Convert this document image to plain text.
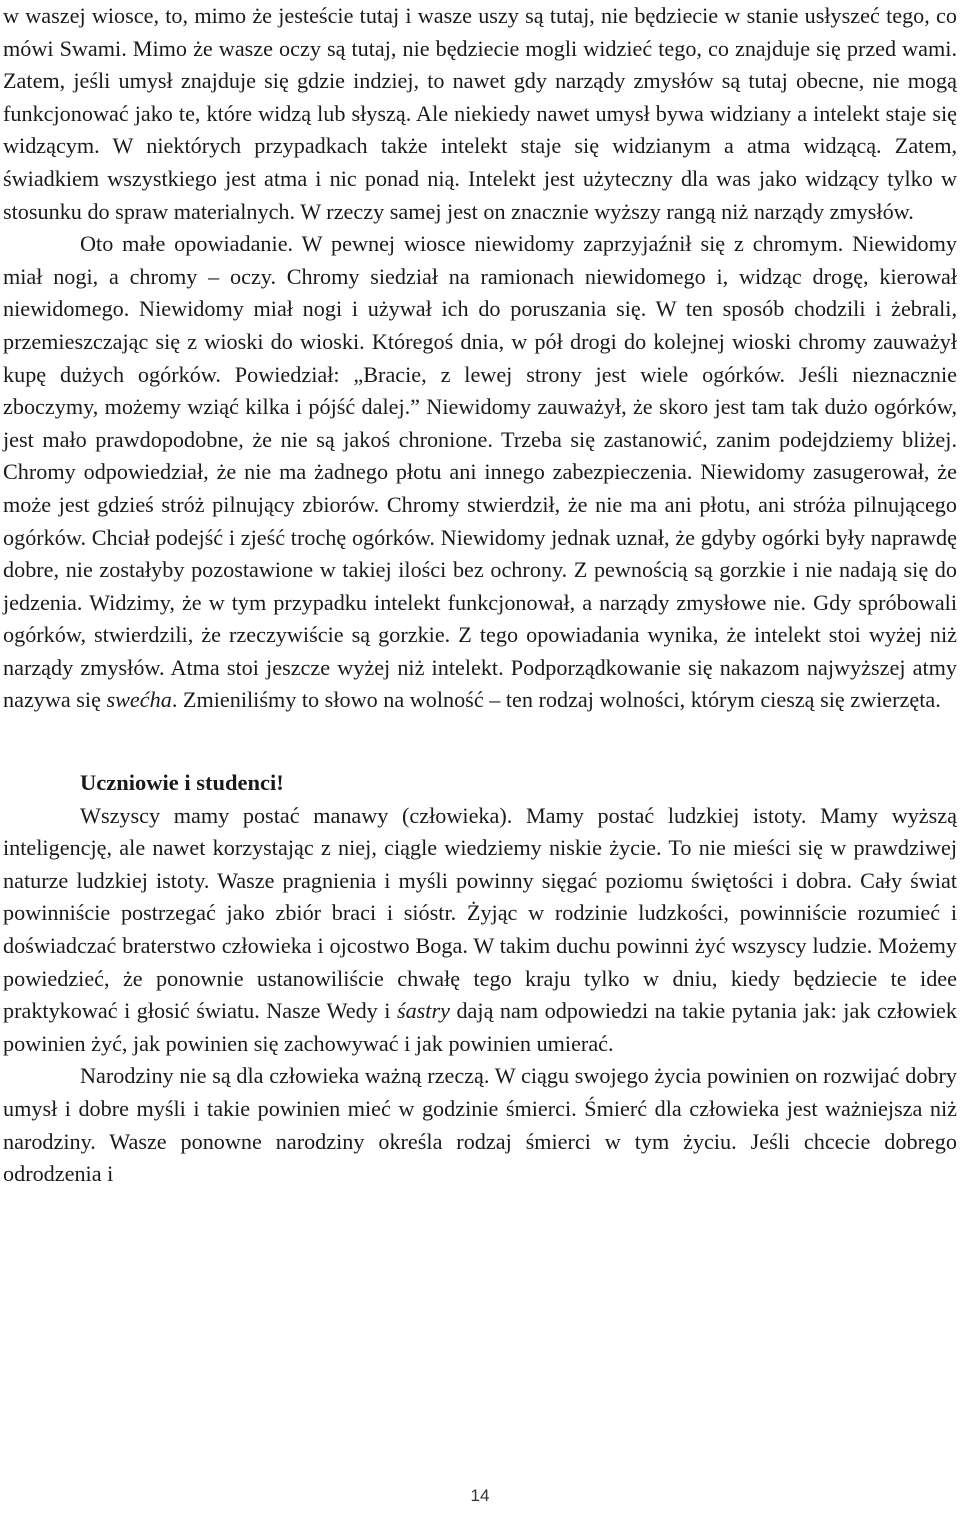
w waszej wiosce, to, mimo że jesteście tutaj i wasze uszy są tutaj, nie będziecie w stanie usłyszeć tego, co mówi Swami. Mimo że wasze oczy są tutaj, nie będziecie mogli widzieć tego, co znajduje się przed wami. Zatem, jeśli umysł znajduje się gdzie indziej, to nawet gdy narządy zmysłów są tutaj obecne, nie mogą funkcjonować jako te, które widzą lub słyszą. Ale niekiedy nawet umysł bywa widziany a intelekt staje się widzącym. W niektórych przypadkach także intelekt staje się widzianym a atma widzącą. Zatem, świadkiem wszystkiego jest atma i nic ponad nią. Intelekt jest użyteczny dla was jako widzący tylko w stosunku do spraw materialnych. W rzeczy samej jest on znacznie wyższy rangą niż narządy zmysłów.

Oto małe opowiadanie. W pewnej wiosce niewidomy zaprzyjaźnił się z chromym. Niewidomy miał nogi, a chromy – oczy. Chromy siedział na ramionach niewidomego i, widząc drogę, kierował niewidomego. Niewidomy miał nogi i używał ich do poruszania się. W ten sposób chodzili i żebrali, przemieszczając się z wioski do wioski. Któregoś dnia, w pół drogi do kolejnej wioski chromy zauważył kupę dużych ogórków. Powiedział: „Bracie, z lewej strony jest wiele ogórków. Jeśli nieznacznie zboczymy, możemy wziąć kilka i pójść dalej.” Niewidomy zauważył, że skoro jest tam tak dużo ogórków, jest mało prawdopodobne, że nie są jakoś chronione. Trzeba się zastanowić, zanim podejdziemy bliżej. Chromy odpowiedział, że nie ma żadnego płotu ani innego zabezpieczenia. Niewidomy zasugerował, że może jest gdzieś stróż pilnujący zbiorów. Chromy stwierdził, że nie ma ani płotu, ani stróża pilnującego ogórków. Chciał podejść i zjeść trochę ogórków. Niewidomy jednak uznał, że gdyby ogórki były naprawdę dobre, nie zostałyby pozostawione w takiej ilości bez ochrony. Z pewnością są gorzkie i nie nadają się do jedzenia. Widzimy, że w tym przypadku intelekt funkcjonował, a narządy zmysłowe nie. Gdy spróbowali ogórków, stwierdzili, że rzeczywiście są gorzkie. Z tego opowiadania wynika, że intelekt stoi wyżej niż narządy zmysłów. Atma stoi jeszcze wyżej niż intelekt. Podporządkowanie się nakazom najwyższej atmy nazywa się swećha. Zmieniliśmy to słowo na wolność – ten rodzaj wolności, którym cieszą się zwierzęta.

Uczniowie i studenci!

Wszyscy mamy postać manawy (człowieka). Mamy postać ludzkiej istoty. Mamy wyższą inteligencję, ale nawet korzystając z niej, ciągle wiedziemy niskie życie. To nie mieści się w prawdziwej naturze ludzkiej istoty. Wasze pragnienia i myśli powinny sięgać poziomu świętości i dobra. Cały świat powinniście postrzegać jako zbiór braci i sióstr. Żyjąc w rodzinie ludzkości, powinniście rozumieć i doświadczać braterstwo człowieka i ojcostwo Boga. W takim duchu powinni żyć wszyscy ludzie. Możemy powiedzieć, że ponownie ustanowiliście chwałę tego kraju tylko w dniu, kiedy będziecie te idee praktykować i głosić światu. Nasze Wedy i śastry dają nam odpowiedzi na takie pytania jak: jak człowiek powinien żyć, jak powinien się zachowywać i jak powinien umierać.

Narodziny nie są dla człowieka ważną rzeczą. W ciągu swojego życia powinien on rozwijać dobry umysł i dobre myśli i takie powinien mieć w godzinie śmierci. Śmierć dla człowieka jest ważniejsza niż narodziny. Wasze ponowne narodziny określa rodzaj śmierci w tym życiu. Jeśli chcecie dobrego odrodzenia i

14
